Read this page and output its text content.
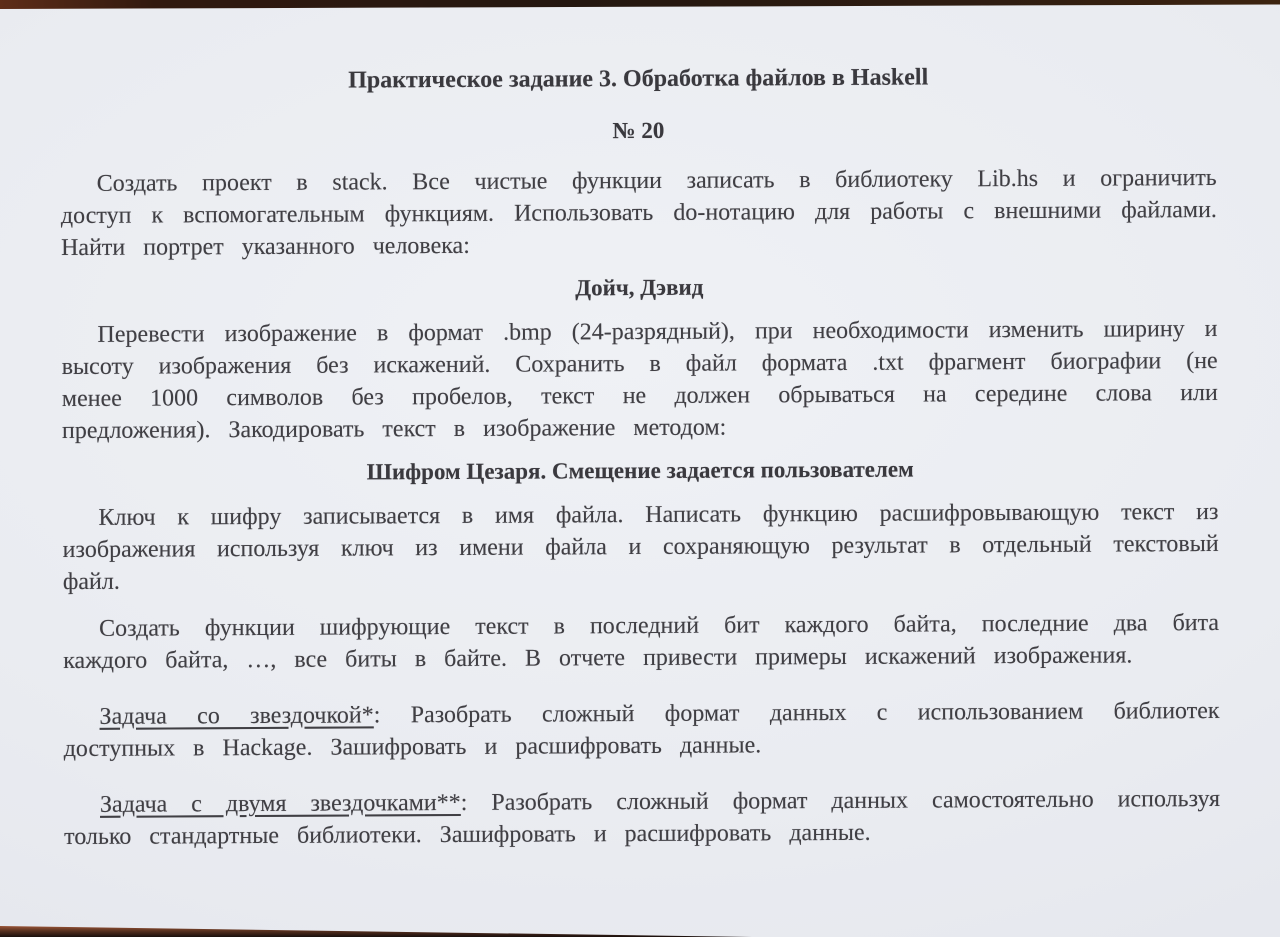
Практическое задание 3. Обработка файлов в Haskell
№ 20

Создать проект в stack. Все чистые функции записать в библиотеку Lib.hs и ограничить доступ к вспомогательным функциям. Использовать do-нотацию для работы с внешними файлами. Найти портрет указанного человека:

Дойч, Дэвид

Перевести изображение в формат .bmp (24-разрядный), при необходимости изменить ширину и высоту изображения без искажений. Сохранить в файл формата .txt фрагмент биографии (не менее 1000 символов без пробелов, текст не должен обрываться на середине слова или предложения). Закодировать текст в изображение методом:

Шифром Цезаря. Смещение задается пользователем

Ключ к шифру записывается в имя файла. Написать функцию расшифровывающую текст из изображения используя ключ из имени файла и сохраняющую результат в отдельный текстовый файл.

Создать функции шифрующие текст в последний бит каждого байта, последние два бита каждого байта, …, все биты в байте. В отчете привести примеры искажений изображения.

Задача со звездочкой*: Разобрать сложный формат данных с использованием библиотек доступных в Hackage. Зашифровать и расшифровать данные.

Задача с двумя звездочками**: Разобрать сложный формат данных самостоятельно используя только стандартные библиотеки. Зашифровать и расшифровать данные.
